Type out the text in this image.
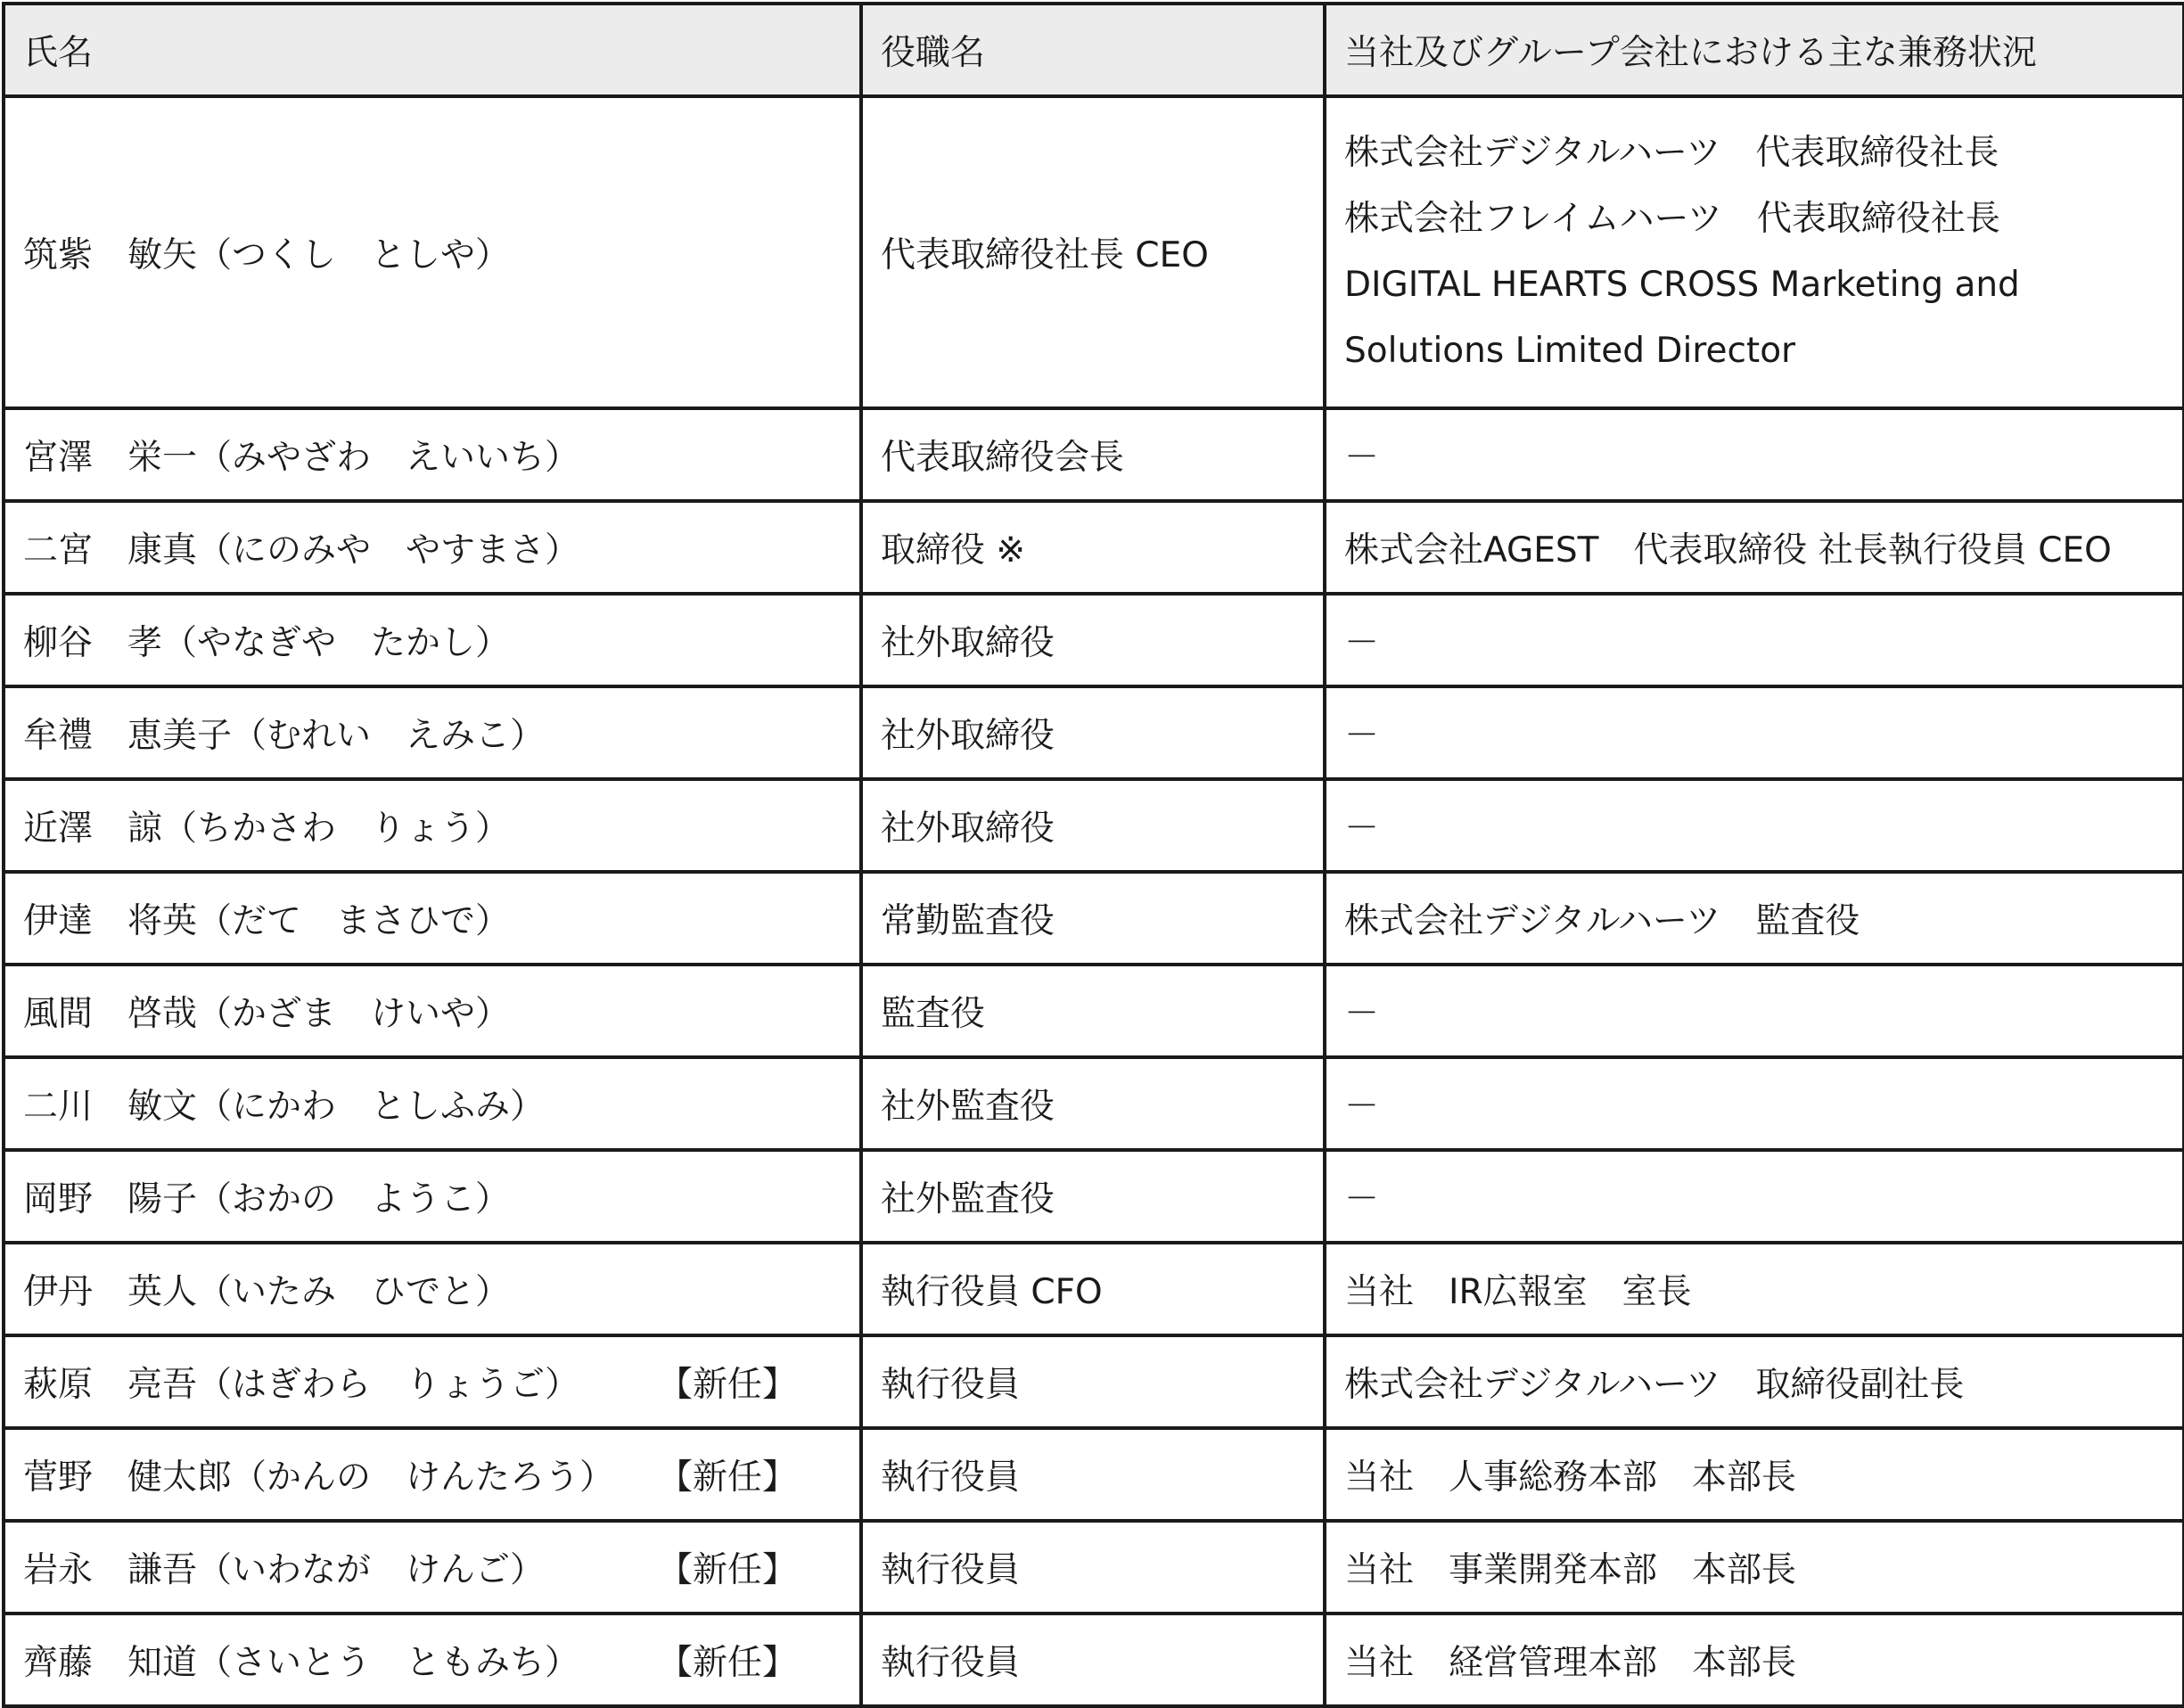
氏名	役職名	当社及びグループ会社における主な兼務状況

筑紫　敏矢（つくし　としや）	代表取締役社長 CEO	株式会社デジタルハーツ　代表取締役社長
株式会社フレイムハーツ　代表取締役社長
DIGITAL HEARTS CROSS Marketing and Solutions Limited Director

宮澤　栄一（みやざわ　えいいち）	代表取締役会長	－

二宮　康真（にのみや　やすまさ）	取締役 ※	株式会社AGEST　代表取締役 社長執行役員 CEO

柳谷　孝（やなぎや　たかし）	社外取締役	－

牟禮　恵美子（むれい　えみこ）	社外取締役	－

近澤　諒（ちかさわ　りょう）	社外取締役	－

伊達　将英（だて　まさひで）	常勤監査役	株式会社デジタルハーツ　監査役

風間　啓哉（かざま　けいや）	監査役	－

二川　敏文（にかわ　としふみ）	社外監査役	－

岡野　陽子（おかの　ようこ）	社外監査役	－

伊丹　英人（いたみ　ひでと）	執行役員 CFO	当社　IR広報室　室長

萩原　亮吾（はぎわら　りょうご） 【新任】	執行役員	株式会社デジタルハーツ　取締役副社長

菅野　健太郎（かんの　けんたろう） 【新任】	執行役員	当社　人事総務本部　本部長

岩永　謙吾（いわなが　けんご） 【新任】	執行役員	当社　事業開発本部　本部長

齊藤　知道（さいとう　ともみち） 【新任】	執行役員	当社　経営管理本部　本部長
